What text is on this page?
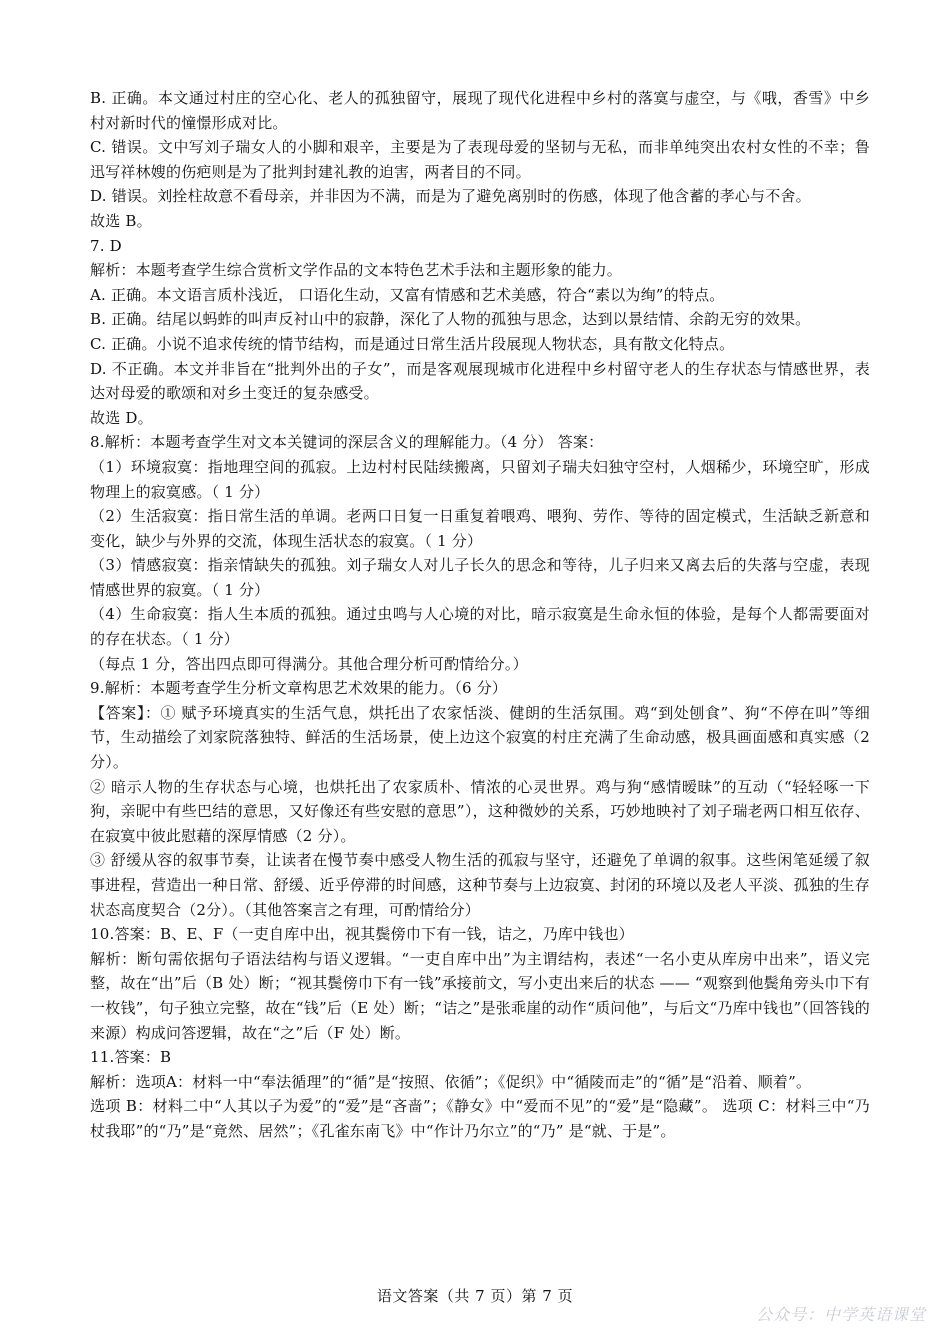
B. 正确。本文通过村庄的空心化、老人的孤独留守，展现了现代化进程中乡村的落寞与虚空，与《哦，香雪》中乡村对新时代的憧憬形成对比。

C. 错误。文中写刘子瑞女人的小脚和艰辛，主要是为了表现母爱的坚韧与无私，而非单纯突出农村女性的不幸；鲁迅写祥林嫂的伤疤则是为了批判封建礼教的迫害，两者目的不同。

D. 错误。刘拴柱故意不看母亲，并非因为不满，而是为了避免离别时的伤感，体现了他含蓄的孝心与不舍。

故选 B。

7. D

解析：本题考查学生综合赏析文学作品的文本特色艺术手法和主题形象的能力。

A. 正确。本文语言质朴浅近， 口语化生动，又富有情感和艺术美感，符合“素以为绚”的特点。

B. 正确。结尾以蚂蚱的叫声反衬山中的寂静，深化了人物的孤独与思念，达到以景结情、余韵无穷的效果。

C. 正确。小说不追求传统的情节结构，而是通过日常生活片段展现人物状态，具有散文化特点。

D. 不正确。本文并非旨在“批判外出的子女”，而是客观展现城市化进程中乡村留守老人的生存状态与情感世界，表达对母爱的歌颂和对乡土变迁的复杂感受。

故选 D。

8.解析：本题考查学生对文本关键词的深层含义的理解能力。（4 分） 答案：

（1）环境寂寞：指地理空间的孤寂。上边村村民陆续搬离，只留刘子瑞夫妇独守空村，人烟稀少，环境空旷，形成物理上的寂寞感。（ 1 分）

（2）生活寂寞：指日常生活的单调。老两口日复一日重复着喂鸡、喂狗、劳作、等待的固定模式，生活缺乏新意和变化，缺少与外界的交流，体现生活状态的寂寞。（ 1 分）

（3）情感寂寞：指亲情缺失的孤独。刘子瑞女人对儿子长久的思念和等待，儿子归来又离去后的失落与空虚，表现情感世界的寂寞。（ 1 分）

（4）生命寂寞：指人生本质的孤独。通过虫鸣与人心境的对比，暗示寂寞是生命永恒的体验，是每个人都需要面对的存在状态。（ 1 分）

（每点 1 分，答出四点即可得满分。其他合理分析可酌情给分。）

9.解析：本题考查学生分析文章构思艺术效果的能力。（6 分）

【答案】：① 赋予环境真实的生活气息，烘托出了农家恬淡、健朗的生活氛围。鸡“到处刨食”、狗“不停在叫”等细节，生动描绘了刘家院落独特、鲜活的生活场景，使上边这个寂寞的村庄充满了生命动感，极具画面感和真实感（2 分）。

② 暗示人物的生存状态与心境，也烘托出了农家质朴、情浓的心灵世界。鸡与狗“感情暧昧”的互动（“轻轻啄一下狗，亲昵中有些巴结的意思，又好像还有些安慰的意思”），这种微妙的关系，巧妙地映衬了刘子瑞老两口相互依存、在寂寞中彼此慰藉的深厚情感（2 分）。

③ 舒缓从容的叙事节奏，让读者在慢节奏中感受人物生活的孤寂与坚守，还避免了单调的叙事。这些闲笔延缓了叙事进程，营造出一种日常、舒缓、近乎停滞的时间感，这种节奏与上边寂寞、封闭的环境以及老人平淡、孤独的生存状态高度契合（2分）。（其他答案言之有理，可酌情给分）

10.答案：B、E、F（一吏自库中出，视其鬓傍巾下有一钱，诘之，乃库中钱也）

解析：断句需依据句子语法结构与语义逻辑。“一吏自库中出”为主谓结构，表述“一名小吏从库房中出来”，语义完整，故在“出”后（B 处）断；“视其鬓傍巾下有一钱”承接前文，写小吏出来后的状态 —— “观察到他鬓角旁头巾下有一枚钱”，句子独立完整，故在“钱”后（E 处）断；“诘之”是张乖崖的动作“质问他”，与后文“乃库中钱也”（回答钱的来源）构成问答逻辑，故在“之”后（F 处）断。

11.答案：B

解析：选项A：材料一中“奉法循理”的“循”是“按照、依循”；《促织》中“循陵而走”的“循”是“沿着、顺着”。

选项 B：材料二中“人其以子为爱”的“爱”是“吝啬”；《静女》中“爱而不见”的“爱”是“隐藏”。 选项 C：材料三中“乃杖我耶”的“乃”是“竟然、居然”；《孔雀东南飞》中“作计乃尔立”的“乃” 是“就、于是”。

语文答案（共 7 页）第 7 页
公众号：中学英语课堂
